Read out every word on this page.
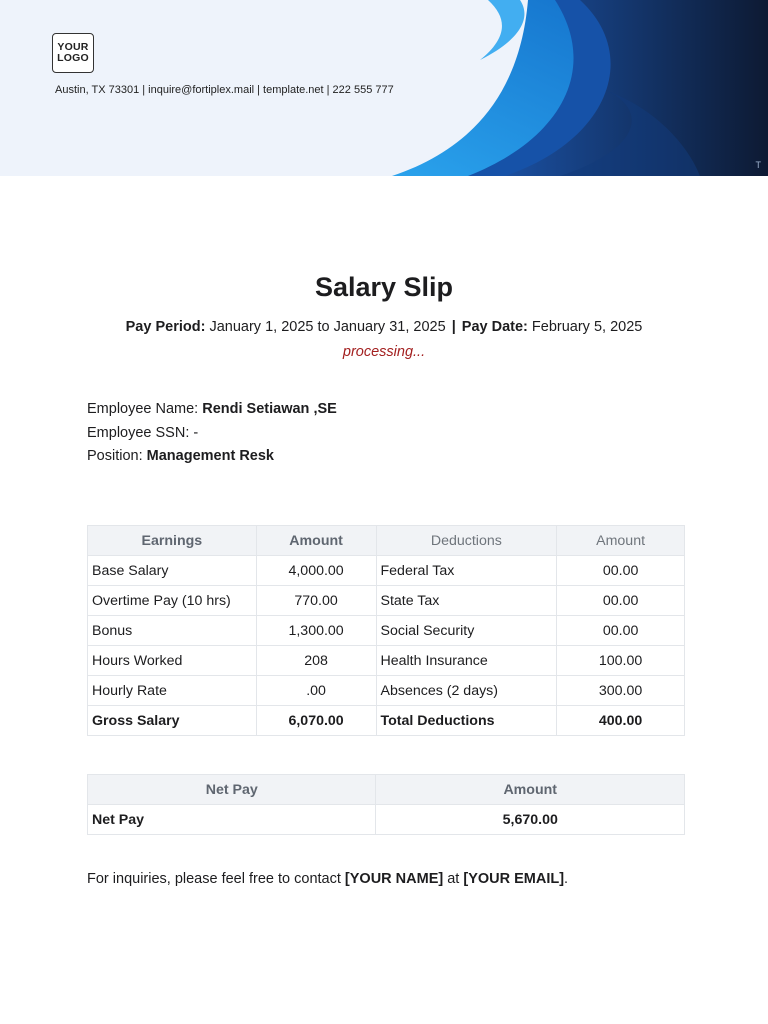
YOUR
LOGO
Austin, TX 73301 | inquire@fortiplex.mail | template.net | 222 555 777
T
Salary Slip
Pay Period: January 1, 2025 to January 31, 2025 | Pay Date: February 5, 2025
processing...
Employee Name: Rendi Setiawan ,SE
Employee SSN: -
Position: Management Resk
Earnings	Amount	Deductions	Amount
Base Salary	4,000.00	Federal Tax	00.00
Overtime Pay (10 hrs)	770.00	State Tax	00.00
Bonus	1,300.00	Social Security	00.00
Hours Worked	208	Health Insurance	100.00
Hourly Rate	.00	Absences (2 days)	300.00
Gross Salary	6,070.00	Total Deductions	400.00
Net Pay	Amount
Net Pay	5,670.00
For inquiries, please feel free to contact [YOUR NAME] at [YOUR EMAIL].
